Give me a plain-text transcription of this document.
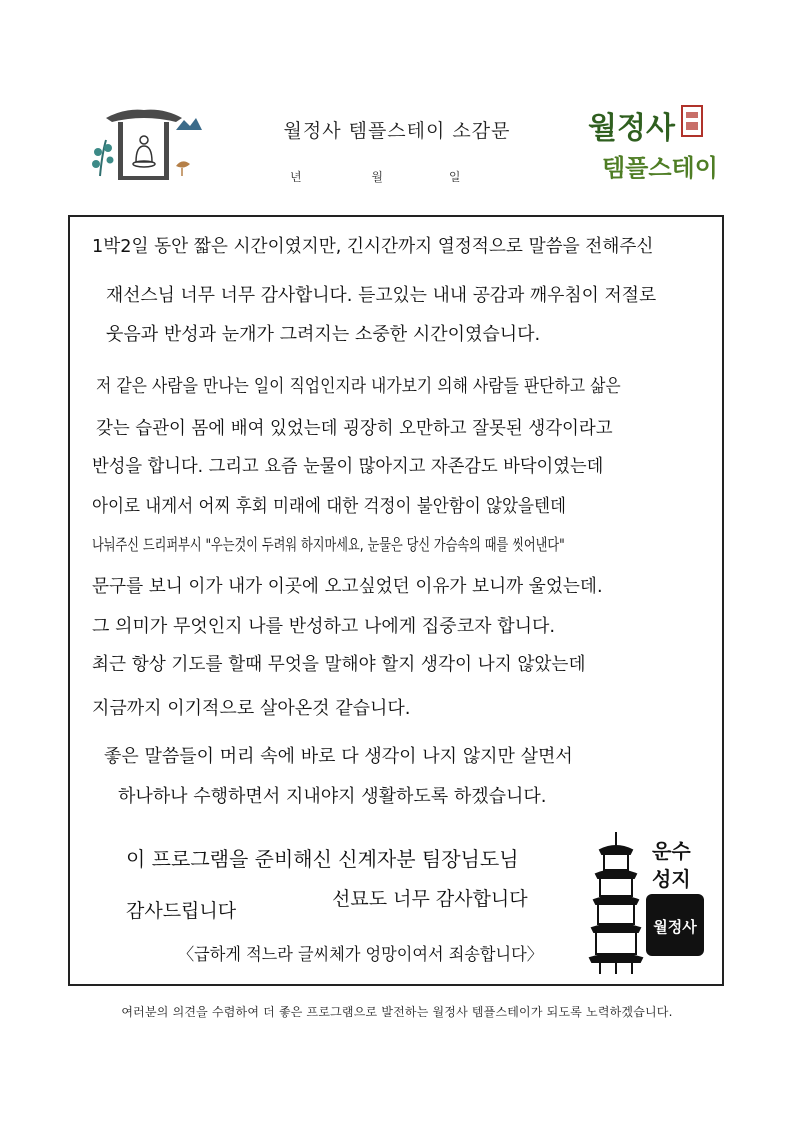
월정사 템플스테이 소감문
년	월	일
월정사
템플스테이
1박2일 동안 짧은 시간이였지만, 긴시간까지 열정적으로 말씀을 전해주신
재선스님 너무 너무 감사합니다. 듣고있는 내내 공감과 깨우침이 저절로
웃음과 반성과 눈개가 그려지는 소중한 시간이였습니다.
저 같은 사람을 만나는 일이 직업인지라 내가보기 의해 사람들 판단하고 삶은
갖는 습관이 몸에 배여 있었는데 굉장히 오만하고 잘못된 생각이라고
반성을 합니다. 그리고 요즘 눈물이 많아지고 자존감도 바닥이였는데
아이로 내게서 어찌 후회 미래에 대한 걱정이 불안함이 않았을텐데
나눠주신 드리퍼부시 "우는것이 두려워 하지마세요, 눈물은 당신 가슴속의 때를 씻어낸다"
문구를 보니 이가 내가 이곳에 오고싶었던 이유가 보니까 울었는데.
그 의미가 무엇인지 나를 반성하고 나에게 집중코자 합니다.
최근 항상 기도를 할때 무엇을 말해야 할지 생각이 나지 않았는데
지금까지 이기적으로 살아온것 같습니다.
좋은 말씀들이 머리 속에 바로 다 생각이 나지 않지만 살면서
하나하나 수행하면서 지내야지 생활하도록 하겠습니다.
이 프로그램을 준비해신 신계자분 팀장님도님
감사드립니다
선묘도 너무 감사합니다
〈급하게 적느라 글씨체가 엉망이여서 죄송합니다〉
운수
성지
월정사
여러분의 의견을 수렴하여 더 좋은 프로그램으로 발전하는 월정사 템플스테이가 되도록 노력하겠습니다.
